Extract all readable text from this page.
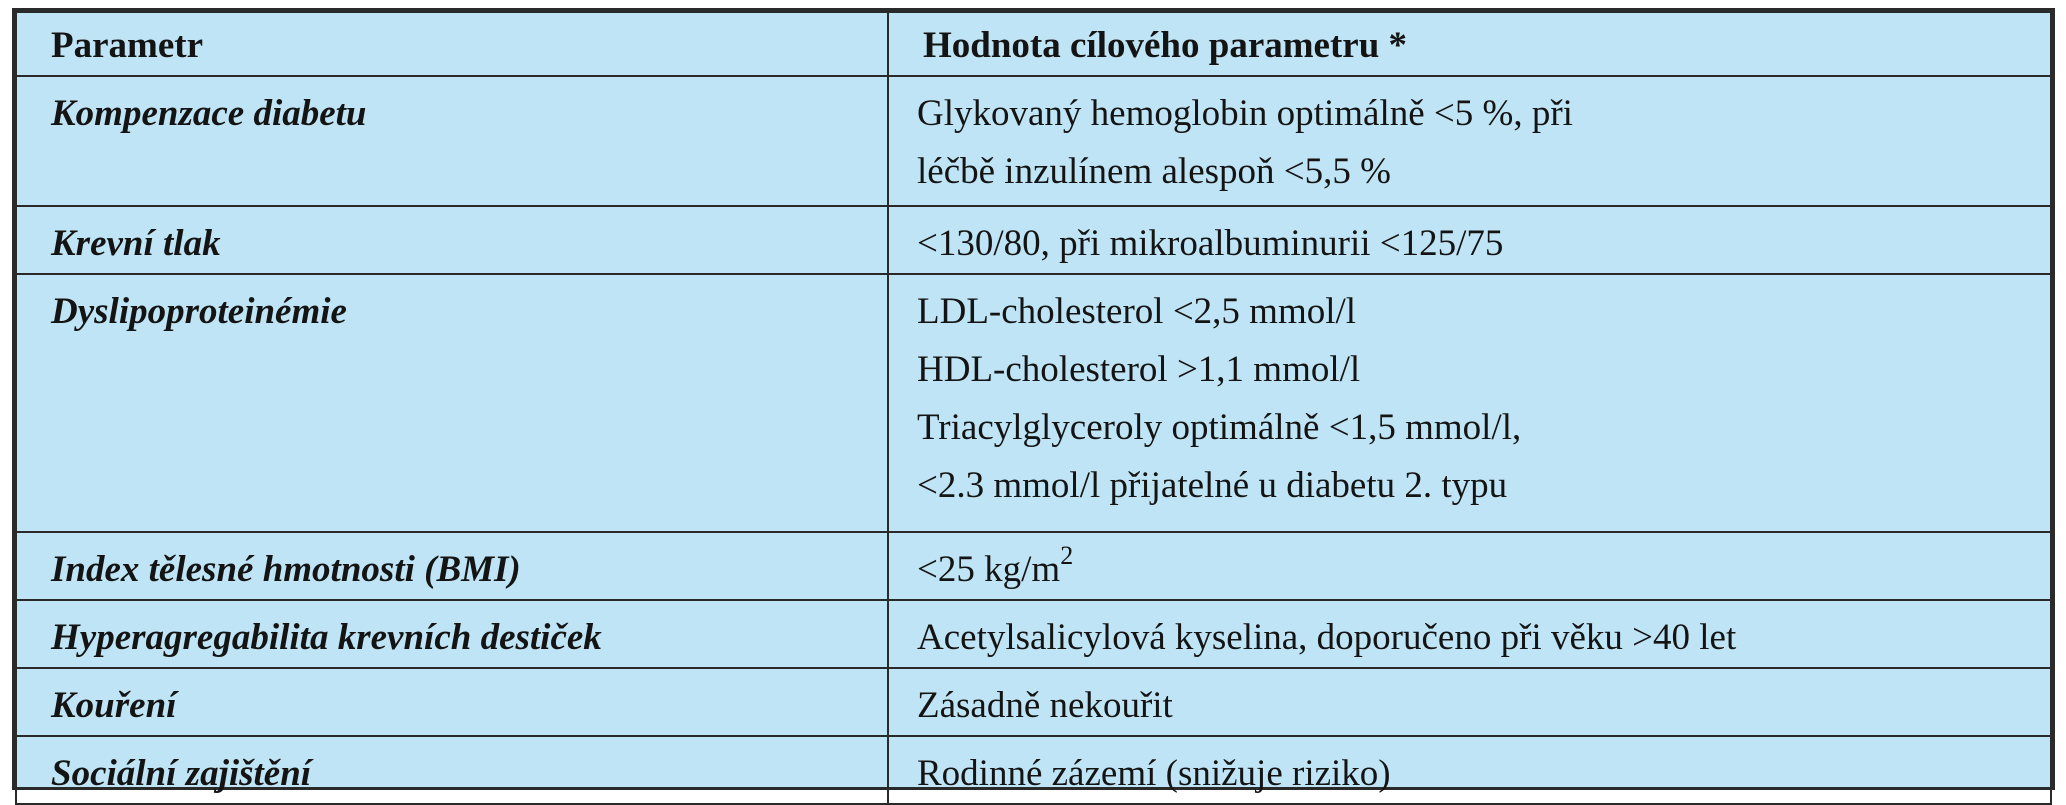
Parametr	Hodnota cílového parametru *
Kompenzace diabetu	Glykovaný hemoglobin optimálně <5 %, při
léčbě inzulínem alespoň <5,5 %

Krevní tlak	<130/80, při mikroalbuminurii <125/75

Dyslipoproteinémie	LDL-cholesterol <2,5 mmol/l
HDL-cholesterol >1,1 mmol/l
Triacylglyceroly optimálně <1,5 mmol/l,
<2.3 mmol/l přijatelné u diabetu 2. typu

Index tělesné hmotnosti (BMI)	<25 $kg/m^2$

Hyperagregabilita krevních destiček	Acetylsalicylová kyselina, doporučeno při věku >40 let

Kouření	Zásadně nekouřit

Sociální zajištění	Rodinné zázemí (snižuje riziko)
